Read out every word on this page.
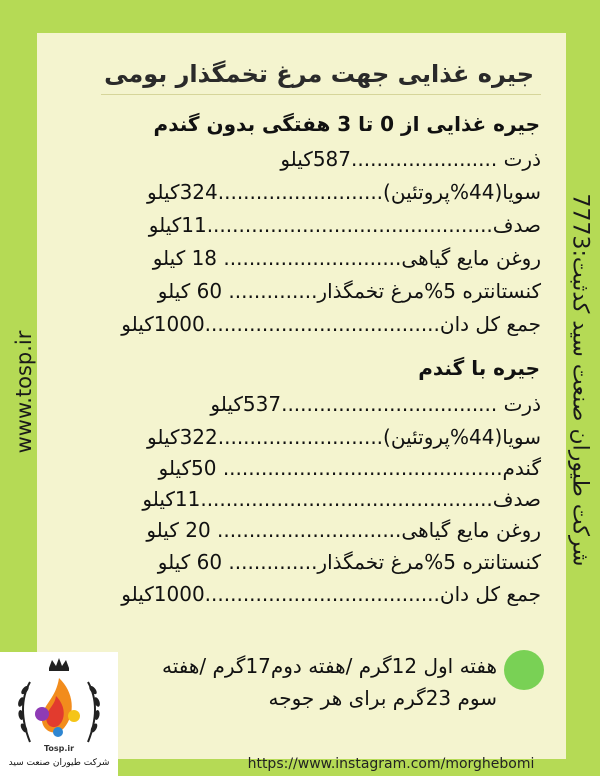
www.tosp.ir
شرکت طیوران صنعت سید کدثبت:7773
جیره غذایی جهت مرغ تخمگذار بومی
جیره غذایی از 0 تا 3 هفتگی بدون گندم
ذرت .......................587کیلو
سویا(44%پروتئین)..........................324کیلو
صدف.............................................11کیلو
روغن مایع گیاهی............................ 18 کیلو
کنستانتره 5%مرغ تخمگذار.............. 60 کیلو
جمع کل دان.....................................1000کیلو
جیره با گندم
ذرت ..................................537کیلو
سویا(44%پروتئین)..........................322کیلو
گندم............................................ 50کیلو
صدف..............................................11کیلو
روغن مایع گیاهی............................. 20 کیلو
کنستانتره 5%مرغ تخمگذار.............. 60 کیلو
جمع کل دان.....................................1000کیلو
هفته اول 12گرم /هفته دوم17گرم /هفته
سوم 23گرم برای هر جوجه
https://www.instagram.com/morghebomi
Tosp.ir
شرکت طیوران صنعت سید
